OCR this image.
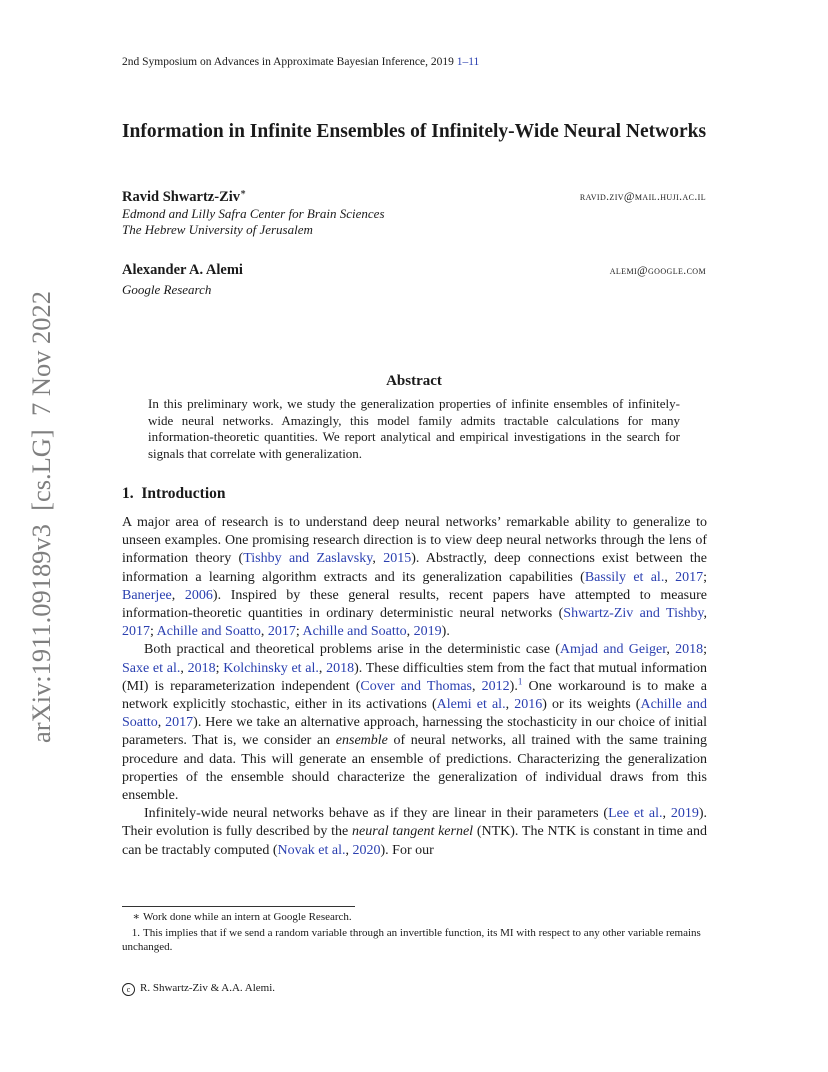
2nd Symposium on Advances in Approximate Bayesian Inference, 2019 1–11
Information in Infinite Ensembles of Infinitely-Wide Neural Networks
Ravid Shwartz-Ziv∗	ravid.ziv@mail.huji.ac.il
Edmond and Lilly Safra Center for Brain Sciences
The Hebrew University of Jerusalem
Alexander A. Alemi	alemi@google.com
Google Research
arXiv:1911.09189v3  [cs.LG]  7 Nov 2022	Abstract
In this preliminary work, we study the generalization properties of infinite ensembles of infinitely-wide neural networks. Amazingly, this model family admits tractable calculations for many information-theoretic quantities. We report analytical and empirical investigations in the search for signals that correlate with generalization.
1. Introduction

A major area of research is to understand deep neural networks’ remarkable ability to generalize to unseen examples. One promising research direction is to view deep neural networks through the lens of information theory (Tishby and Zaslavsky, 2015). Abstractly, deep connections exist between the information a learning algorithm extracts and its generalization capabilities (Bassily et al., 2017; Banerjee, 2006). Inspired by these general results, recent papers have attempted to measure information-theoretic quantities in ordinary deterministic neural networks (Shwartz-Ziv and Tishby, 2017; Achille and Soatto, 2017; Achille and Soatto, 2019).

Both practical and theoretical problems arise in the deterministic case (Amjad and Geiger, 2018; Saxe et al., 2018; Kolchinsky et al., 2018). These difficulties stem from the fact that mutual information (MI) is reparameterization independent (Cover and Thomas, 2012).$^1$ One workaround is to make a network explicitly stochastic, either in its activations (Alemi et al., 2016) or its weights (Achille and Soatto, 2017). Here we take an alternative approach, harnessing the stochasticity in our choice of initial parameters. That is, we consider an ensemble of neural networks, all trained with the same training procedure and data. This will generate an ensemble of predictions. Characterizing the generalization properties of the ensemble should characterize the generalization of individual draws from this ensemble.

Infinitely-wide neural networks behave as if they are linear in their parameters (Lee et al., 2019). Their evolution is fully described by the neural tangent kernel (NTK). The NTK is constant in time and can be tractably computed (Novak et al., 2020). For our

∗ Work done while an intern at Google Research.
1. This implies that if we send a random variable through an invertible function, its MI with respect to any other variable remains unchanged.
c R. Shwartz-Ziv & A.A. Alemi.
